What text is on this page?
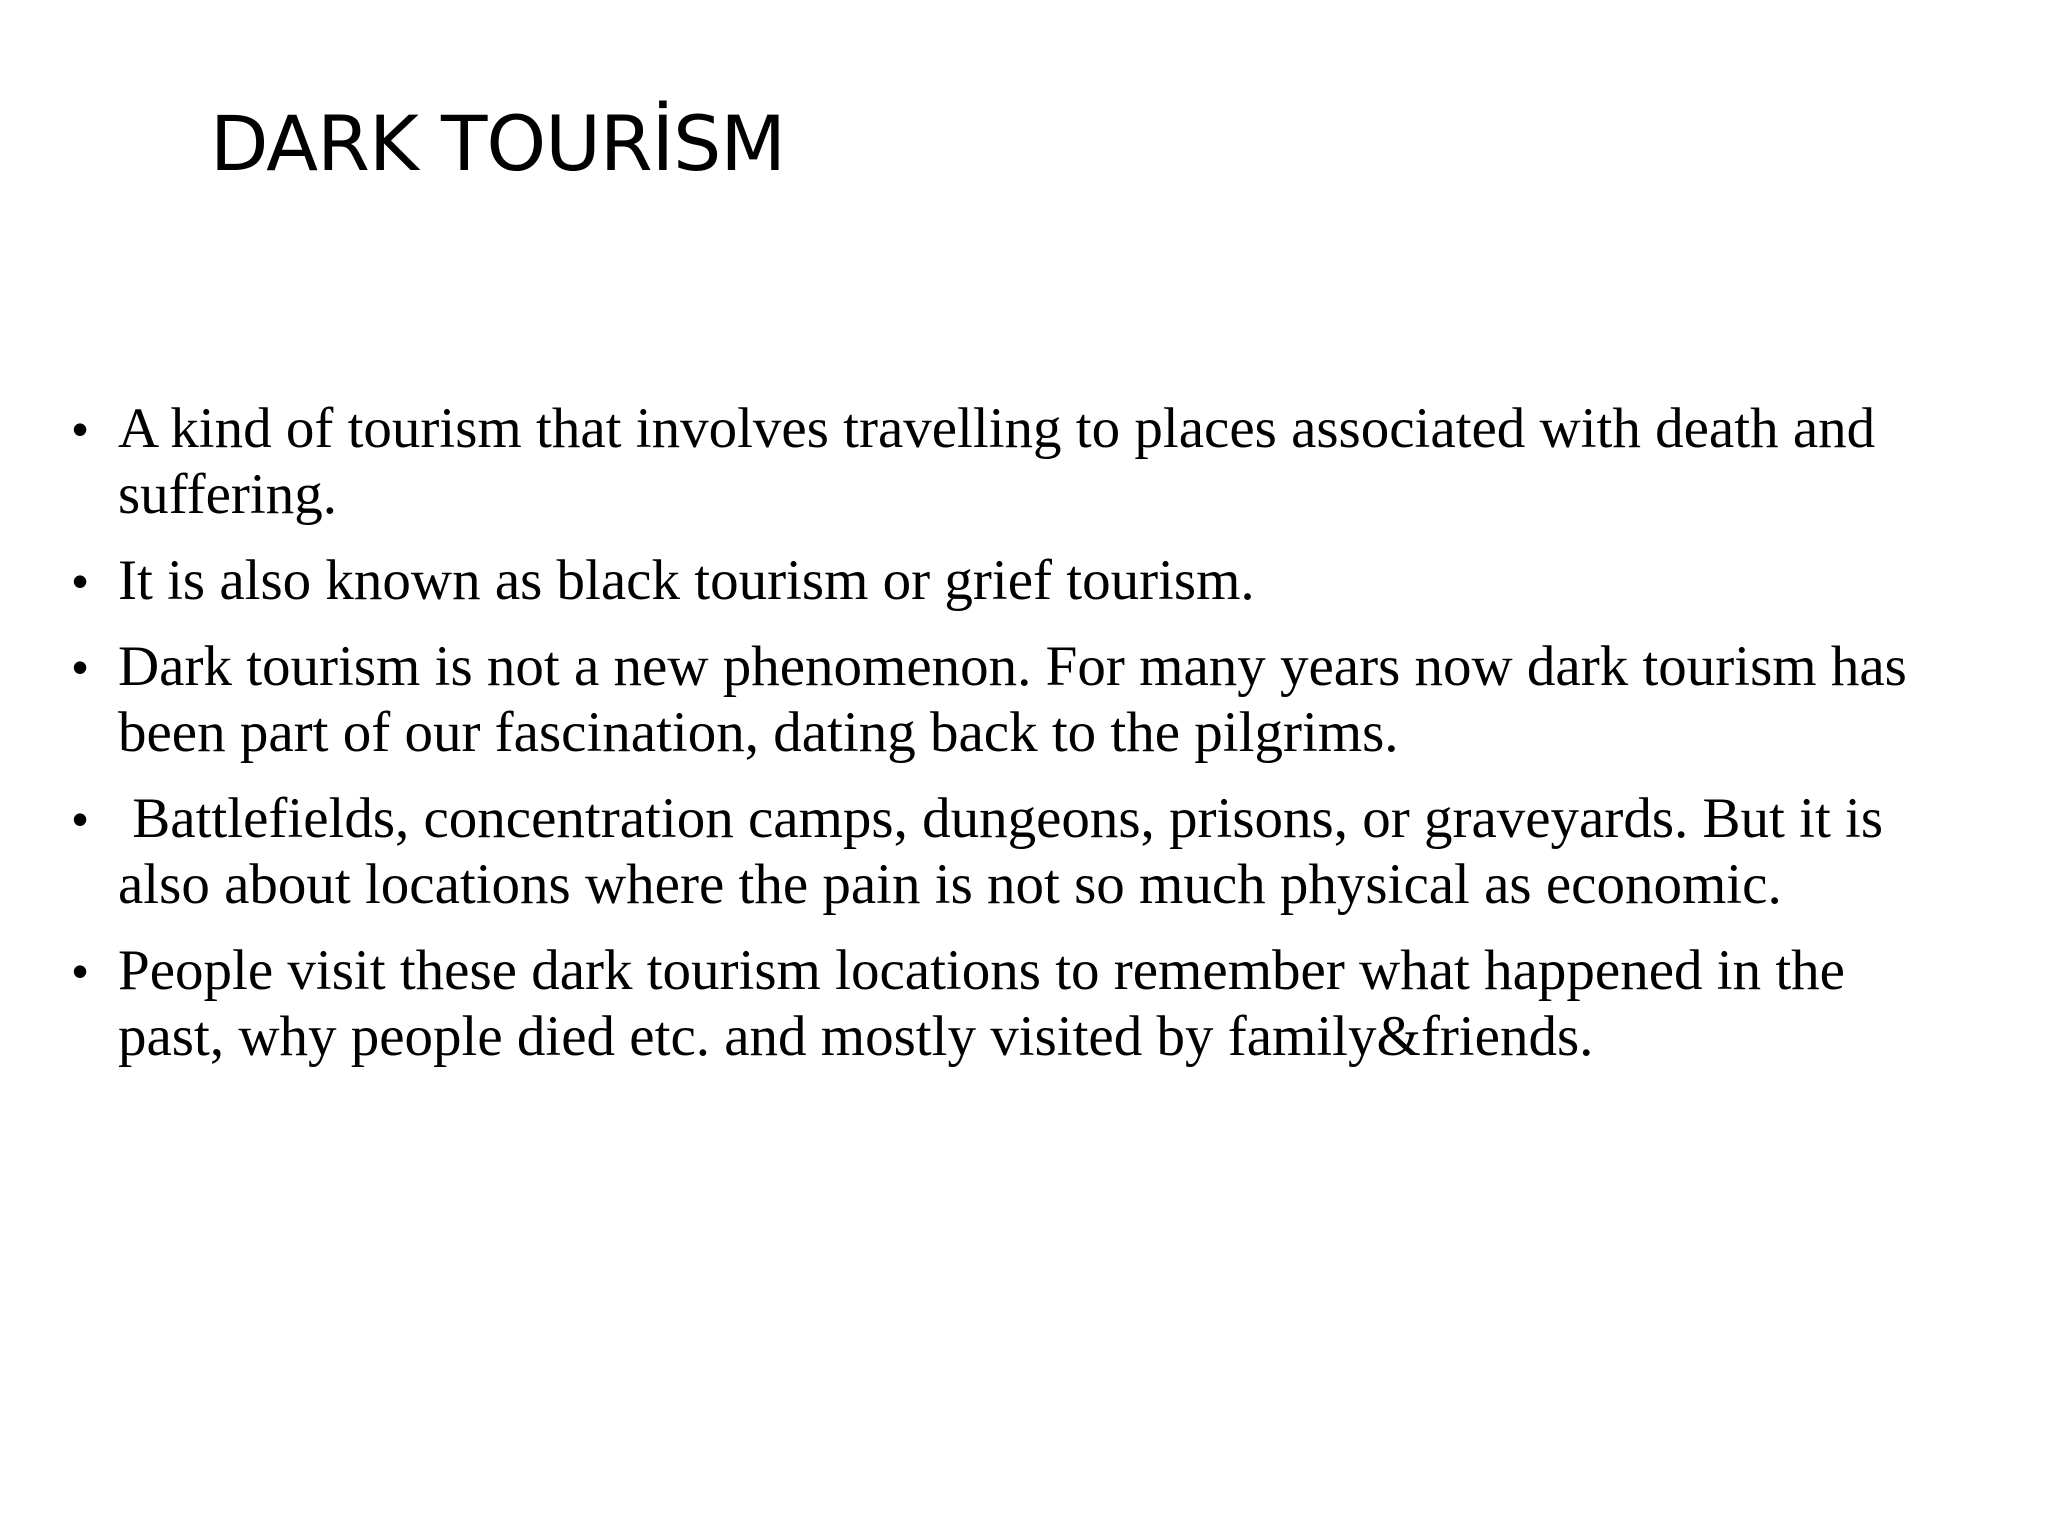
DARK TOURİSM
• A kind of tourism that involves travelling to places associated with death and suffering.
• It is also known as black tourism or grief tourism.
• Dark tourism is not a new phenomenon. For many years now dark tourism has been part of our fascination, dating back to the pilgrims.
• Battlefields, concentration camps, dungeons, prisons, or graveyards. But it is also about locations where the pain is not so much physical as economic.
• People visit these dark tourism locations to remember what happened in the past, why people died etc. and mostly visited by family&friends.
